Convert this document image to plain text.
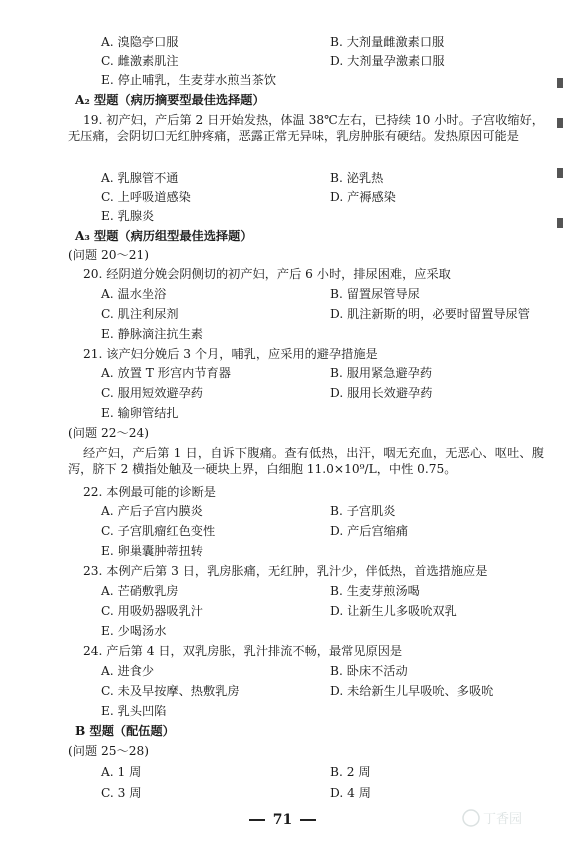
A. 溴隐亭口服	B. 大剂量雌激素口服
C. 雌激素肌注	D. 大剂量孕激素口服
E. 停止哺乳，生麦芽水煎当茶饮
A₂ 型题（病历摘要型最佳选择题）
A. 乳腺管不通	B. 泌乳热
C. 上呼吸道感染	D. 产褥感染
E. 乳腺炎
A₃ 型题（病历组型最佳选择题）
(问题 20～21)
20. 经阴道分娩会阴侧切的初产妇，产后 6 小时，排尿困难，应采取
A. 温水坐浴	B. 留置尿管导尿
C. 肌注利尿剂	D. 肌注新斯的明，必要时留置导尿管
E. 静脉滴注抗生素
21. 该产妇分娩后 3 个月，哺乳，应采用的避孕措施是
A. 放置 T 形宫内节育器	B. 服用紧急避孕药
C. 服用短效避孕药	D. 服用长效避孕药
E. 输卵管结扎
(问题 22～24)
22. 本例最可能的诊断是
A. 产后子宫内膜炎	B. 子宫肌炎
C. 子宫肌瘤红色变性	D. 产后宫缩痛
E. 卵巢囊肿蒂扭转
23. 本例产后第 3 日，乳房胀痛，无红肿，乳汁少，伴低热，首选措施应是
A. 芒硝敷乳房	B. 生麦芽煎汤喝
C. 用吸奶器吸乳汁	D. 让新生儿多吸吮双乳
E. 少喝汤水
24. 产后第 4 日，双乳房胀，乳汁排流不畅，最常见原因是
A. 进食少	B. 卧床不活动
C. 未及早按摩、热敷乳房	D. 未给新生儿早吸吮、多吸吮
E. 乳头凹陷
B 型题（配伍题）
(问题 25～28)
A. 1 周	B. 2 周
C. 3 周	D. 4 周
19. 初产妇，产后第 2 日开始发热，体温 38℃左右，已持续 10 小时。子宫收缩好，无压痛，会阴切口无红肿疼痛，恶露正常无异味，乳房肿胀有硬结。发热原因可能是
经产妇，产后第 1 日，自诉下腹痛。查有低热，出汗，咽无充血，无恶心、呕吐、腹泻，脐下 2 横指处触及一硬块上界，白细胞 11.0×10⁹/L，中性 0.75。
71	丁香园
